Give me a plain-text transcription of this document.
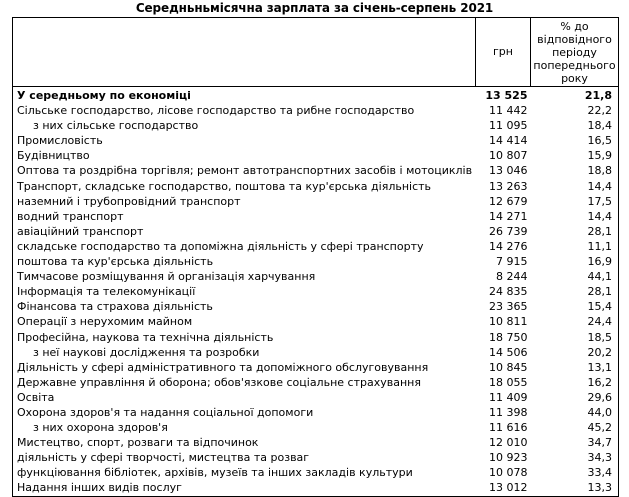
Середньньмісячна зарплата за січень-серпень 2021
	грн	% до відповідного періоду попереднього року
У середньому по економіці	13 525	21,8
Сільське господарство, лісове господарство та рибне господарство	11 442	22,2
з них сільське господарство	11 095	18,4
Промисловість	14 414	16,5
Будівництво	10 807	15,9
Оптова та роздрібна торгівля; ремонт автотранспортних засобів і мотоциклів	13 046	18,8
Транспорт, складське господарство, поштова та кур'єрська діяльність	13 263	14,4
наземний і трубопровідний транспорт	12 679	17,5
водний транспорт	14 271	14,4
авіаційний транспорт	26 739	28,1
складське господарство та допоміжна діяльність у сфері транспорту	14 276	11,1
поштова та кур'єрська діяльність	7 915	16,9
Тимчасове розміщування й організація харчування	8 244	44,1
Інформація та телекомунікації	24 835	28,1
Фінансова та страхова діяльність	23 365	15,4
Операції з нерухомим майном	10 811	24,4
Професійна, наукова та технічна діяльність	18 750	18,5
з неї наукові дослідження та розробки	14 506	20,2
Діяльність у сфері адміністративного та допоміжного обслуговування	10 845	13,1
Державне управління й оборона; обов'язкове соціальне страхування	18 055	16,2
Освіта	11 409	29,6
Охорона здоров'я та надання соціальної допомоги	11 398	44,0
з них охорона здоров'я	11 616	45,2
Мистецтво, спорт, розваги та відпочинок	12 010	34,7
діяльність у сфері творчості, мистецтва та розваг	10 923	34,3
функціювання бібліотек, архівів, музеїв та інших закладів культури	10 078	33,4
Надання інших видів послуг	13 012	13,3
